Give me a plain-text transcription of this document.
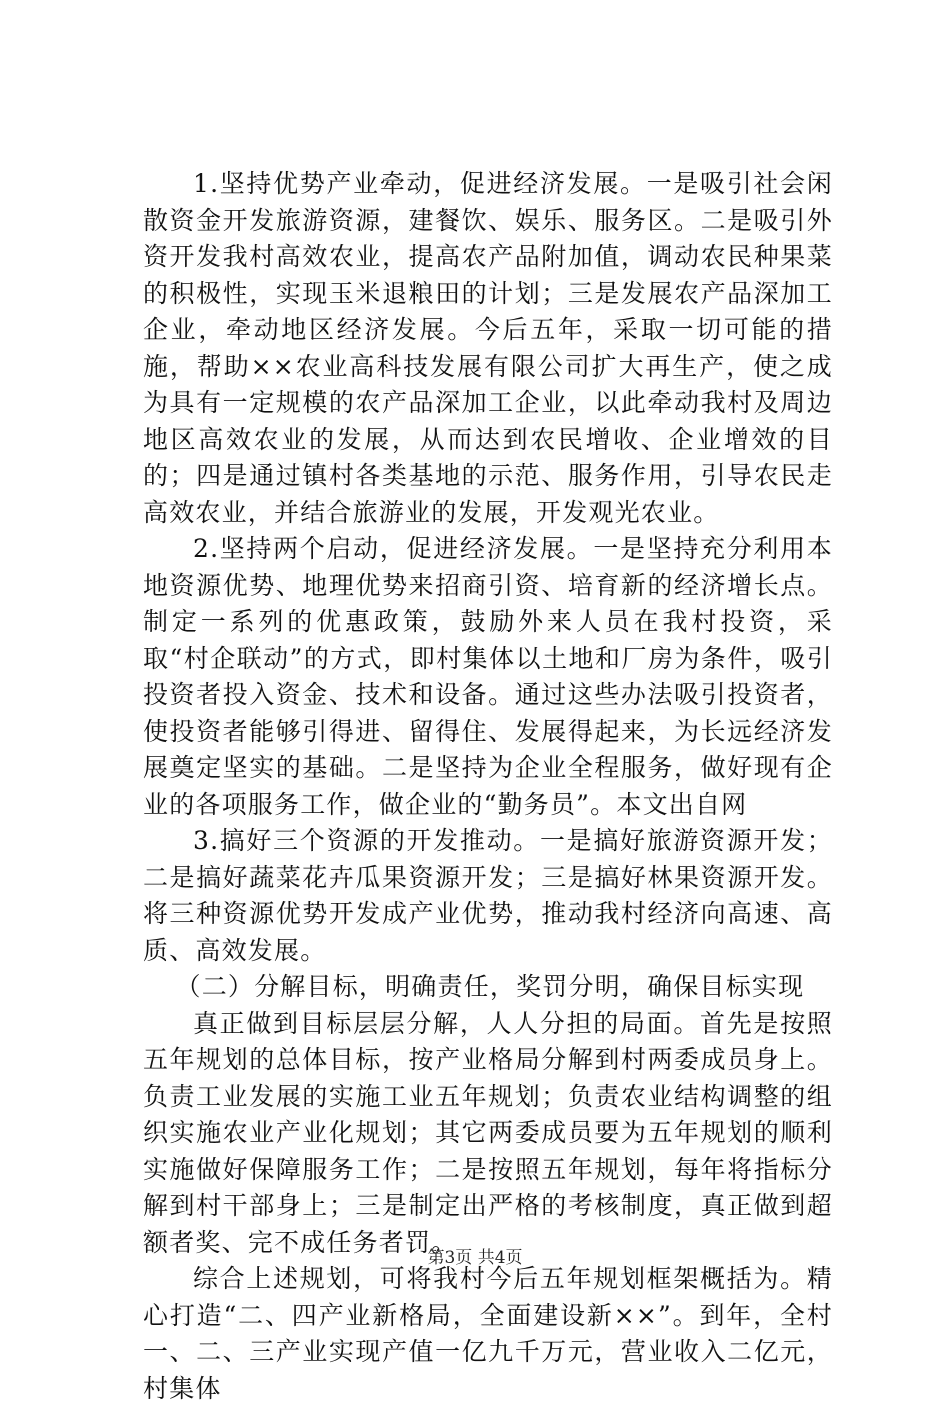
1.坚持优势产业牵动，促进经济发展。一是吸引社会闲散资金开发旅游资源，建餐饮、娱乐、服务区。二是吸引外资开发我村高效农业，提高农产品附加值，调动农民种果菜的积极性，实现玉米退粮田的计划；三是发展农产品深加工企业，牵动地区经济发展。今后五年，采取一切可能的措施，帮助××农业高科技发展有限公司扩大再生产，使之成为具有一定规模的农产品深加工企业，以此牵动我村及周边地区高效农业的发展，从而达到农民增收、企业增效的目的；四是通过镇村各类基地的示范、服务作用，引导农民走高效农业，并结合旅游业的发展，开发观光农业。

2.坚持两个启动，促进经济发展。一是坚持充分利用本地资源优势、地理优势来招商引资、培育新的经济增长点。制定一系列的优惠政策，鼓励外来人员在我村投资，采取“村企联动”的方式，即村集体以土地和厂房为条件，吸引投资者投入资金、技术和设备。通过这些办法吸引投资者，使投资者能够引得进、留得住、发展得起来，为长远经济发展奠定坚实的基础。二是坚持为企业全程服务，做好现有企业的各项服务工作，做企业的“勤务员”。本文出自网

3.搞好三个资源的开发推动。一是搞好旅游资源开发；二是搞好蔬菜花卉瓜果资源开发；三是搞好林果资源开发。将三种资源优势开发成产业优势，推动我村经济向高速、高质、高效发展。

（二）分解目标，明确责任，奖罚分明，确保目标实现

真正做到目标层层分解，人人分担的局面。首先是按照五年规划的总体目标，按产业格局分解到村两委成员身上。负责工业发展的实施工业五年规划；负责农业结构调整的组织实施农业产业化规划；其它两委成员要为五年规划的顺利实施做好保障服务工作；二是按照五年规划，每年将指标分解到村干部身上；三是制定出严格的考核制度，真正做到超额者奖、完不成任务者罚。

综合上述规划，可将我村今后五年规划框架概括为。精心打造“二、四产业新格局，全面建设新××”。到年，全村一、二、三产业实现产值一亿九千万元，营业收入二亿元，村集体

第3页 共4页
